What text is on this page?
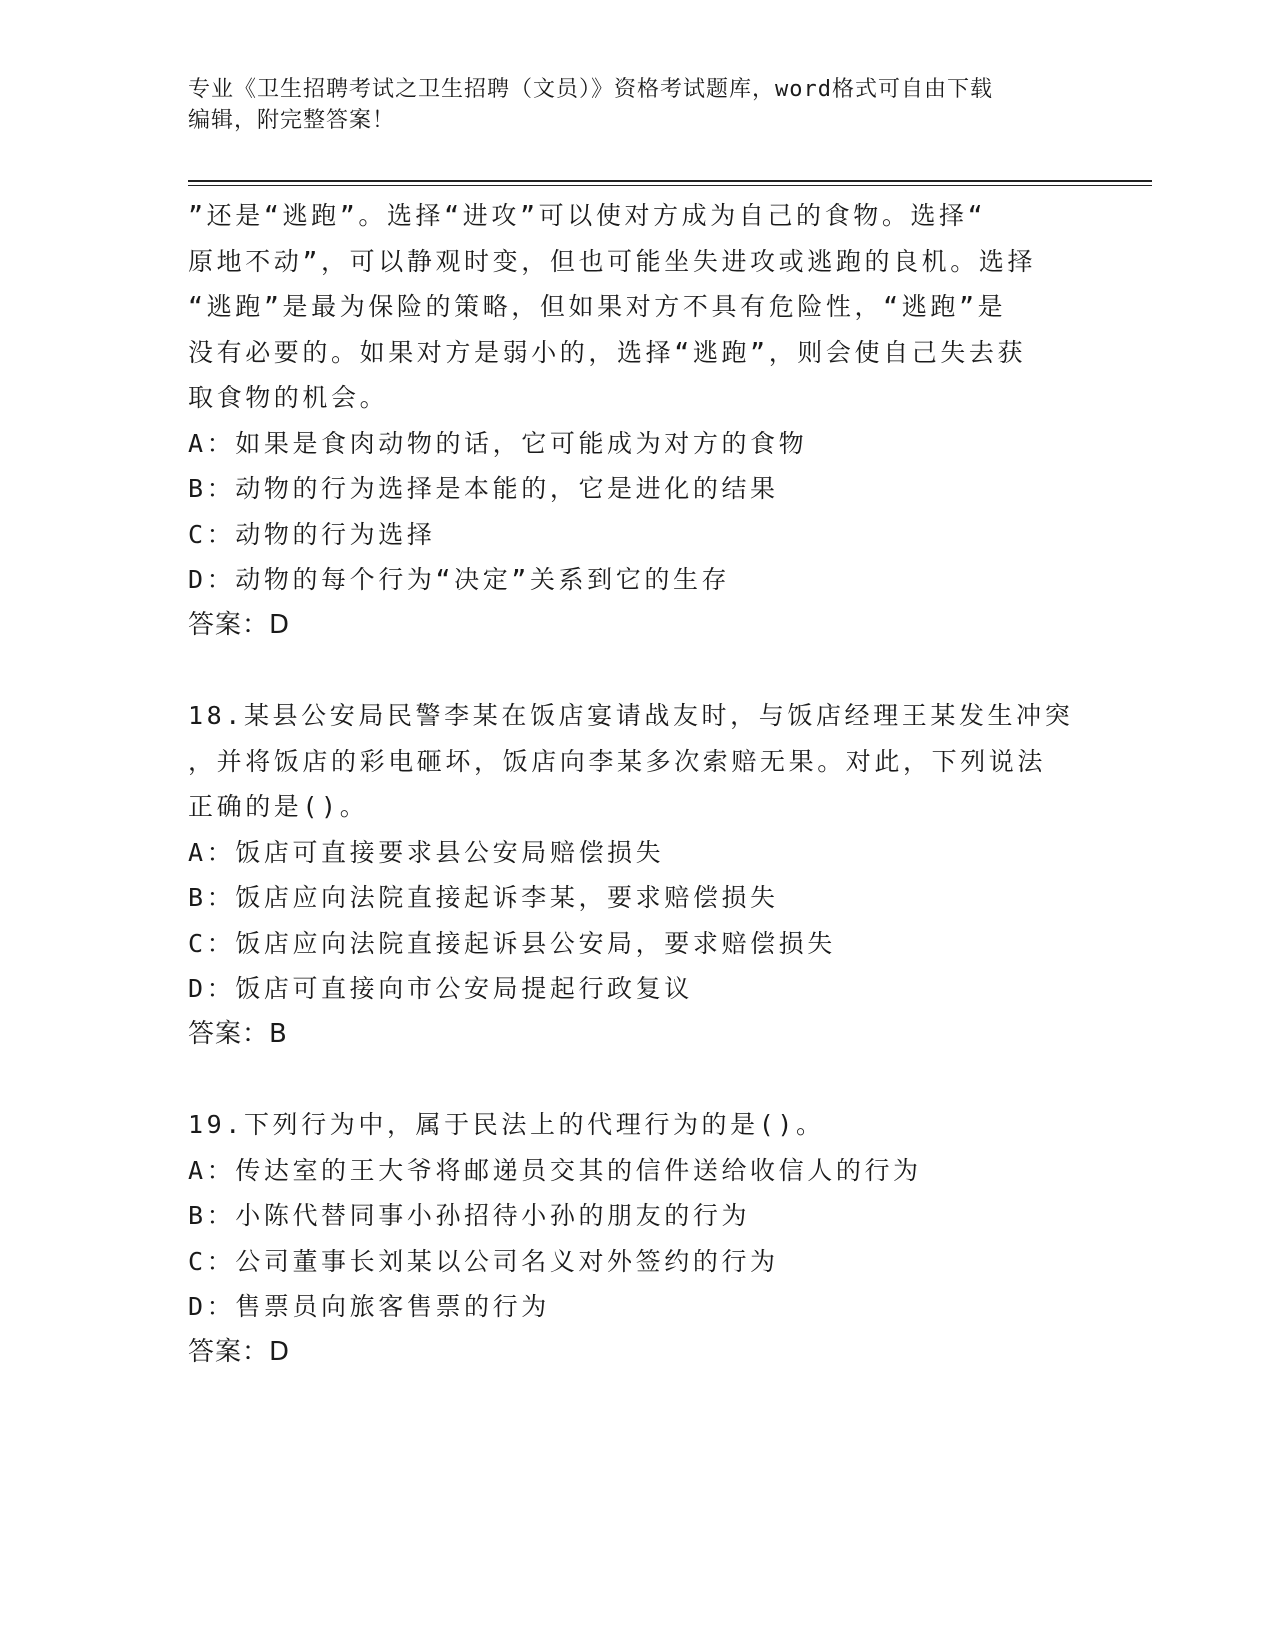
专业《卫生招聘考试之卫生招聘（文员）》资格考试题库，word格式可自由下载
编辑，附完整答案！
”还是“逃跑”。选择“进攻”可以使对方成为自己的食物。选择“
原地不动”，可以静观时变，但也可能坐失进攻或逃跑的良机。选择
“逃跑”是最为保险的策略，但如果对方不具有危险性，“逃跑”是
没有必要的。如果对方是弱小的，选择“逃跑”，则会使自己失去获
取食物的机会。
A：如果是食肉动物的话，它可能成为对方的食物
B：动物的行为选择是本能的，它是进化的结果
C：动物的行为选择
D：动物的每个行为“决定”关系到它的生存
答案：D
18.某县公安局民警李某在饭店宴请战友时，与饭店经理王某发生冲突
，并将饭店的彩电砸坏，饭店向李某多次索赔无果。对此，下列说法
正确的是()。
A：饭店可直接要求县公安局赔偿损失
B：饭店应向法院直接起诉李某，要求赔偿损失
C：饭店应向法院直接起诉县公安局，要求赔偿损失
D：饭店可直接向市公安局提起行政复议
答案：B
19.下列行为中，属于民法上的代理行为的是()。
A：传达室的王大爷将邮递员交其的信件送给收信人的行为
B：小陈代替同事小孙招待小孙的朋友的行为
C：公司董事长刘某以公司名义对外签约的行为
D：售票员向旅客售票的行为
答案：D
